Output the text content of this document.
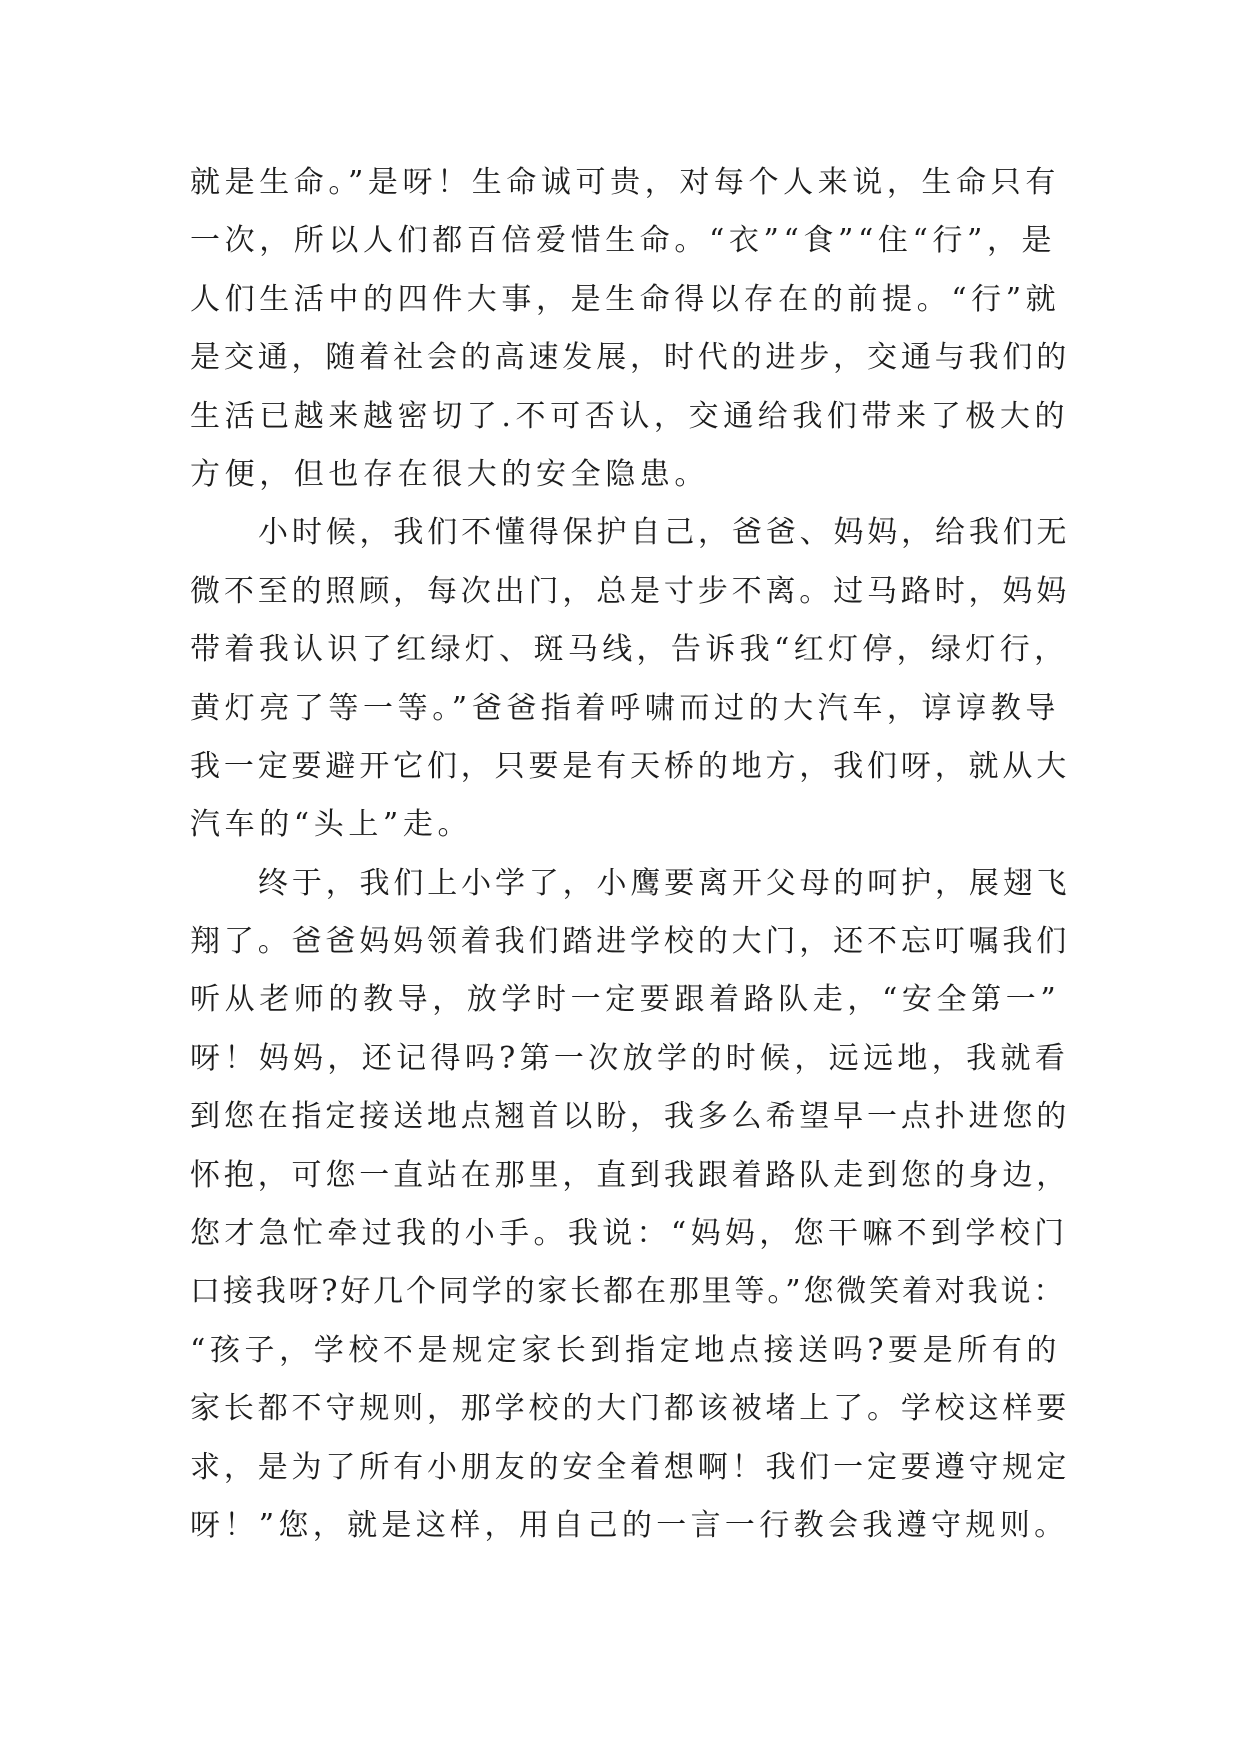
就是生命。”是呀！生命诚可贵，对每个人来说，生命只有
一次，所以人们都百倍爱惜生命。“衣”“食”“住“行”，是
人们生活中的四件大事，是生命得以存在的前提。“行”就
是交通，随着社会的高速发展，时代的进步，交通与我们的
生活已越来越密切了.不可否认，交通给我们带来了极大的
方便，但也存在很大的安全隐患。
小时候，我们不懂得保护自己，爸爸、妈妈，给我们无
微不至的照顾，每次出门，总是寸步不离。过马路时，妈妈
带着我认识了红绿灯、斑马线，告诉我“红灯停，绿灯行，
黄灯亮了等一等。”爸爸指着呼啸而过的大汽车，谆谆教导
我一定要避开它们，只要是有天桥的地方，我们呀，就从大
汽车的“头上”走。
终于，我们上小学了，小鹰要离开父母的呵护，展翅飞
翔了。爸爸妈妈领着我们踏进学校的大门，还不忘叮嘱我们
听从老师的教导，放学时一定要跟着路队走，“安全第一”
呀！妈妈，还记得吗?第一次放学的时候，远远地，我就看
到您在指定接送地点翘首以盼，我多么希望早一点扑进您的
怀抱，可您一直站在那里，直到我跟着路队走到您的身边，
您才急忙牵过我的小手。我说：“妈妈，您干嘛不到学校门
口接我呀?好几个同学的家长都在那里等。”您微笑着对我说：
“孩子，学校不是规定家长到指定地点接送吗?要是所有的
家长都不守规则，那学校的大门都该被堵上了。学校这样要
求，是为了所有小朋友的安全着想啊！我们一定要遵守规定
呀！”您，就是这样，用自己的一言一行教会我遵守规则。
